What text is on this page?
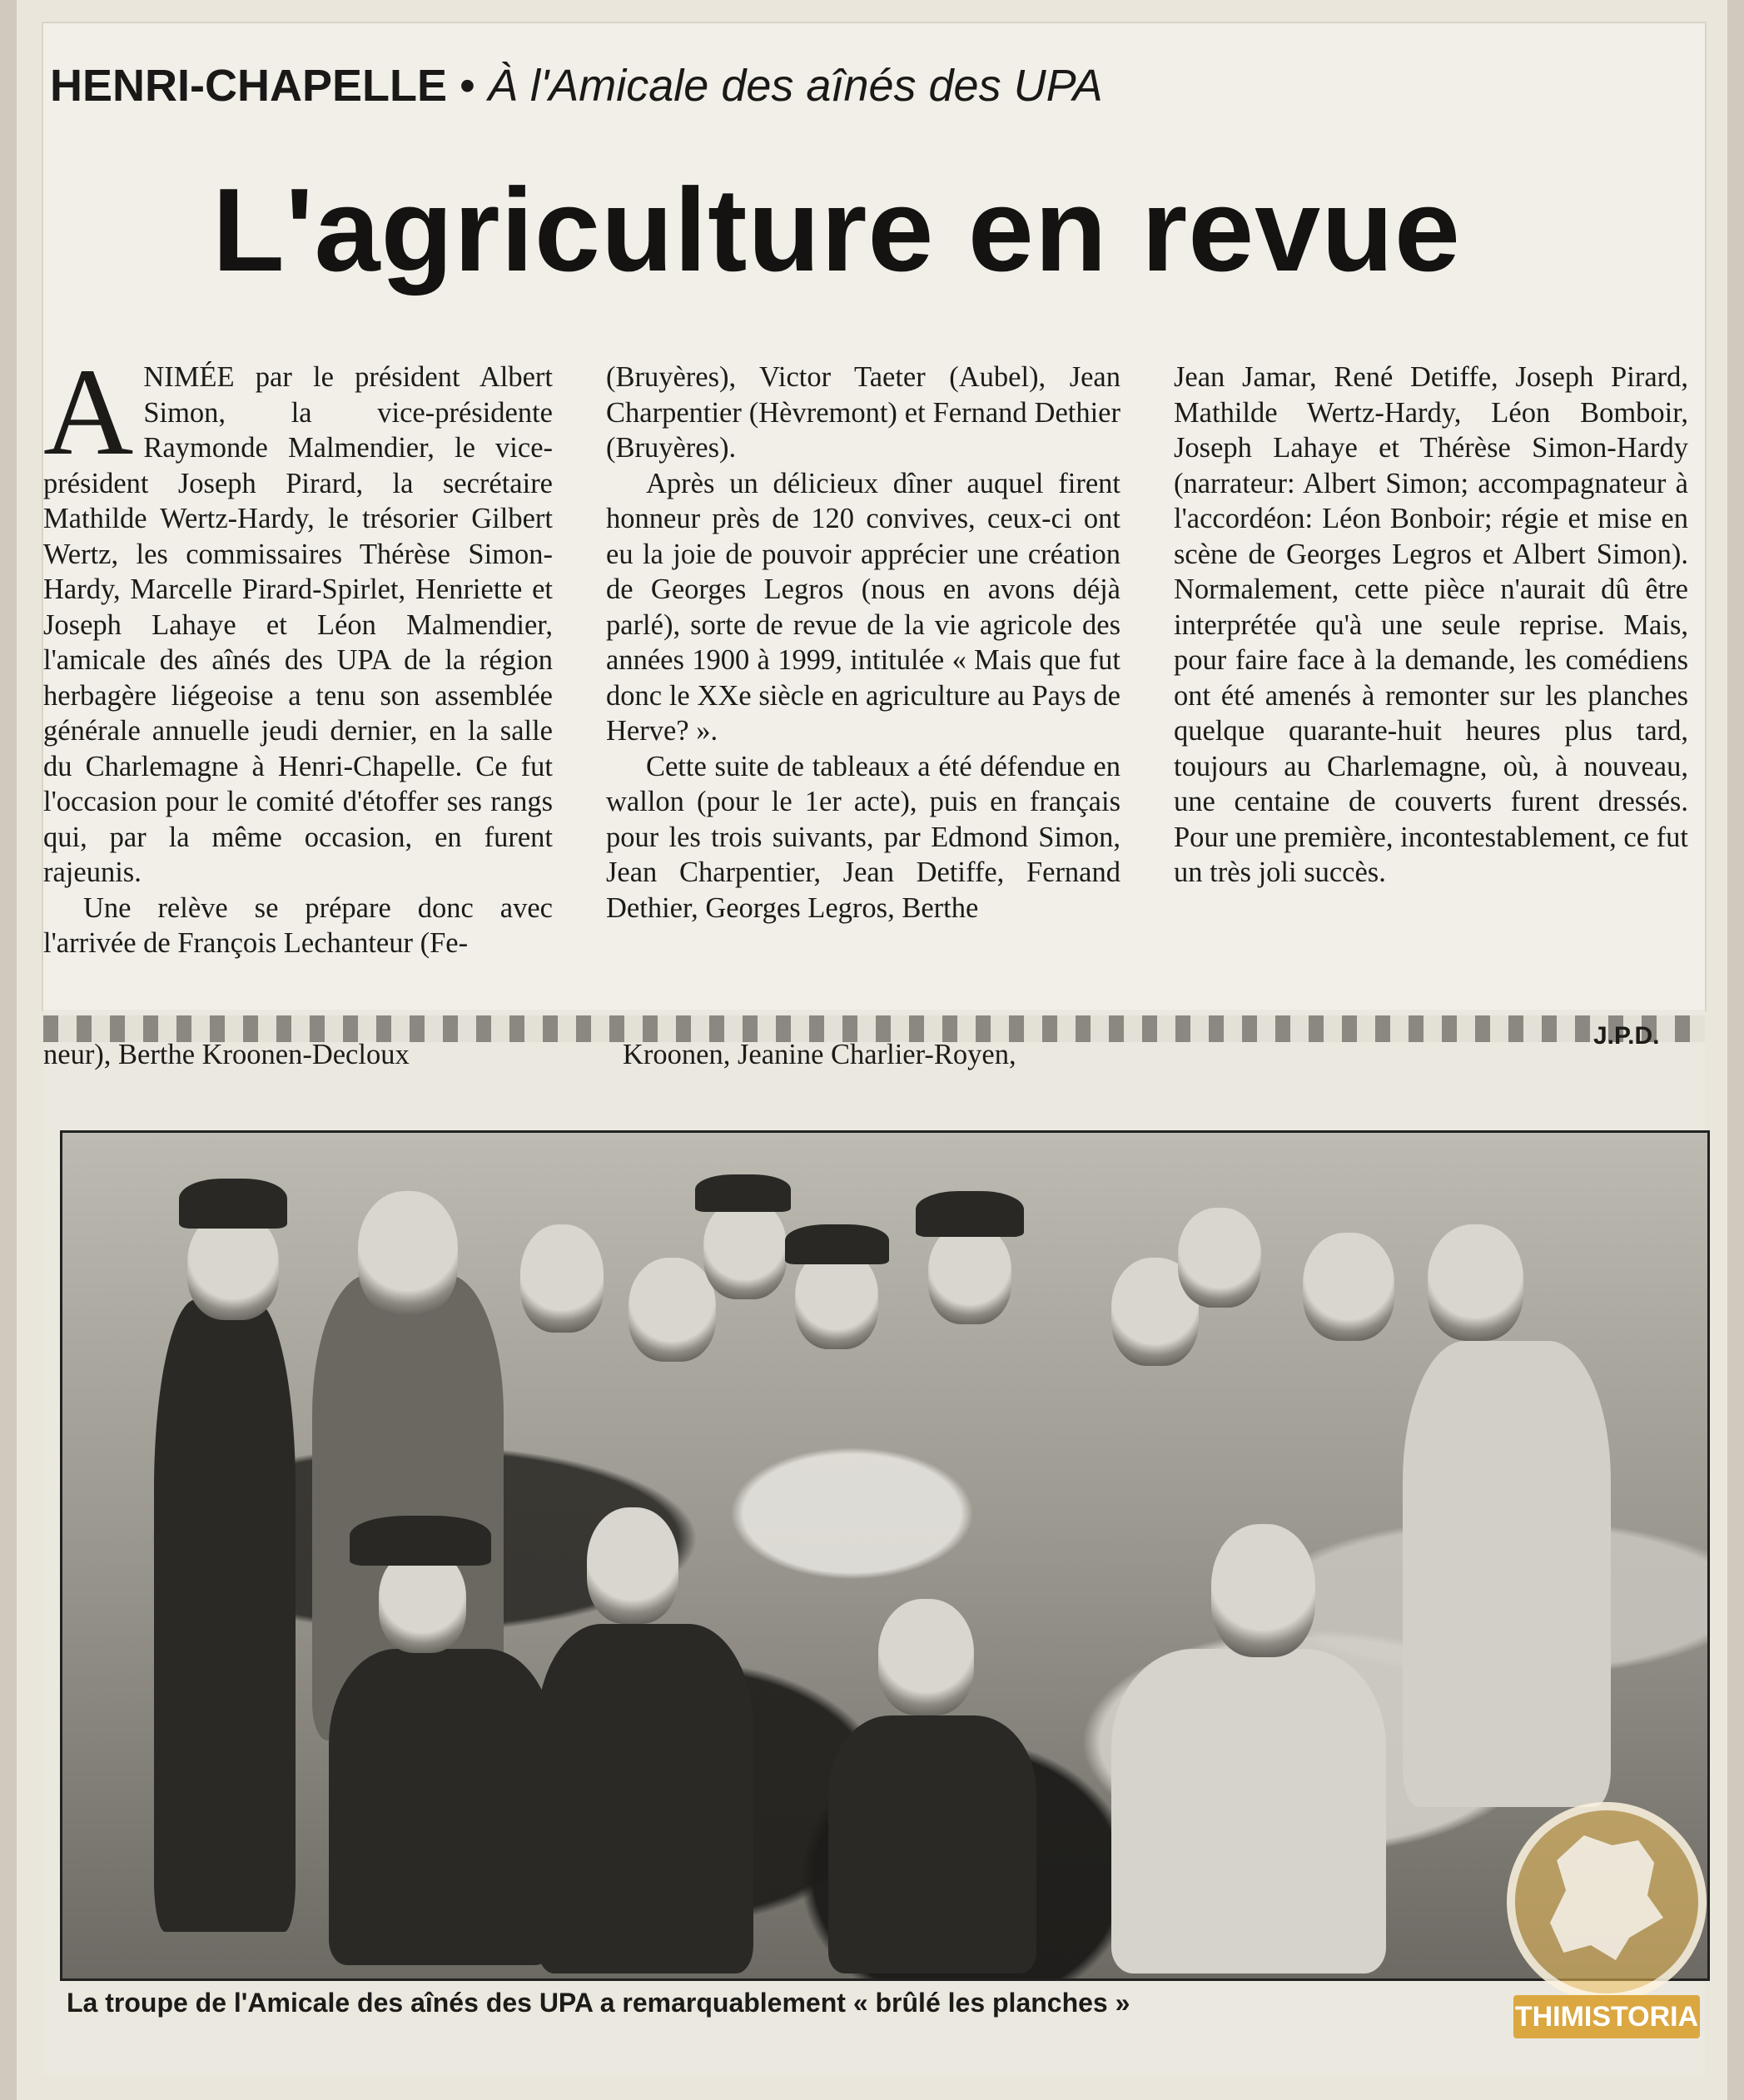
HENRI-CHAPELLE • À l'Amicale des aînés des UPA
L'agriculture en revue

ANIMÉE par le président Albert Simon, la vice-présidente Raymonde Malmendier, le vice-président Joseph Pirard, la secrétaire Mathilde Wertz-Hardy, le trésorier Gilbert Wertz, les commissaires Thérèse Simon-Hardy, Marcelle Pirard-Spirlet, Henriette et Joseph Lahaye et Léon Malmendier, l'amicale des aînés des UPA de la région herbagère liégeoise a tenu son assemblée générale annuelle jeudi dernier, en la salle du Charlemagne à Henri-Chapelle. Ce fut l'occasion pour le comité d'étoffer ses rangs qui, par la même occasion, en furent rajeunis.

Une relève se prépare donc avec l'arrivée de François Lechanteur (Fe-

(Bruyères), Victor Taeter (Aubel), Jean Charpentier (Hèvremont) et Fernand Dethier (Bruyères).

Après un délicieux dîner auquel firent honneur près de 120 convives, ceux-ci ont eu la joie de pouvoir apprécier une création de Georges Legros (nous en avons déjà parlé), sorte de revue de la vie agricole des années 1900 à 1999, intitulée « Mais que fut donc le XXe siècle en agriculture au Pays de Herve? ».

Cette suite de tableaux a été défendue en wallon (pour le 1er acte), puis en français pour les trois suivants, par Edmond Simon, Jean Charpentier, Jean Detiffe, Fernand Dethier, Georges Legros, Berthe

Jean Jamar, René Detiffe, Joseph Pirard, Mathilde Wertz-Hardy, Léon Bomboir, Joseph Lahaye et Thérèse Simon-Hardy (narrateur: Albert Simon; accompagnateur à l'accordéon: Léon Bonboir; régie et mise en scène de Georges Legros et Albert Simon). Normalement, cette pièce n'aurait dû être interprétée qu'à une seule reprise. Mais, pour faire face à la demande, les comédiens ont été amenés à remonter sur les planches quelque quarante-huit heures plus tard, toujours au Charlemagne, où, à nouveau, une centaine de couverts furent dressés. Pour une première, incontestablement, ce fut un très joli succès.

neur), Berthe Kroonen-Decloux	Kroonen, Jeanine Charlier-Royen,
J.P.D.
La troupe de l'Amicale des aînés des UPA a remarquablement « brûlé les planches »	THIMISTORIA
